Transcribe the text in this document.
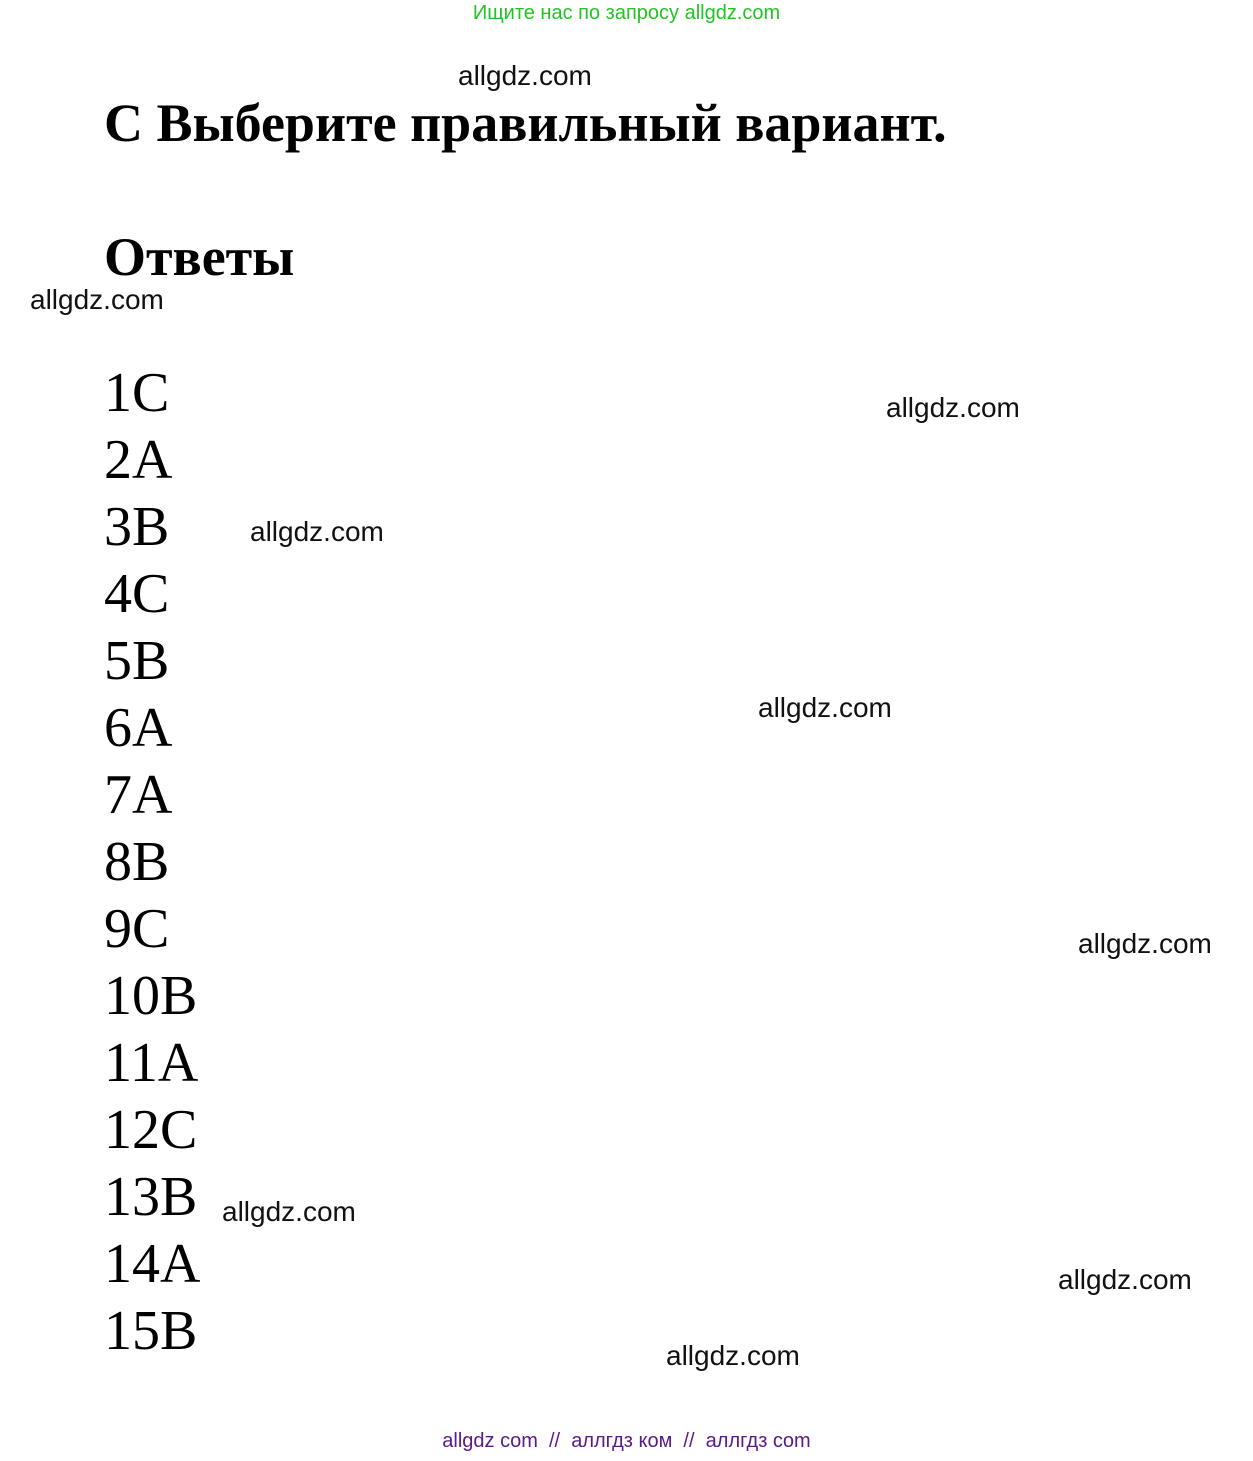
Ищите нас по запросу allgdz.com
allgdz.com
C Выберите правильный вариант.
Ответы
allgdz.com
allgdz.com
allgdz.com
allgdz.com
allgdz.com
allgdz.com
allgdz.com
allgdz.com
1C
2A
3B
4C
5B
6A
7A
8B
9C
10B
11A
12C
13B
14A
15B
allgdz com  //  аллгдз ком  //  аллгдз com
